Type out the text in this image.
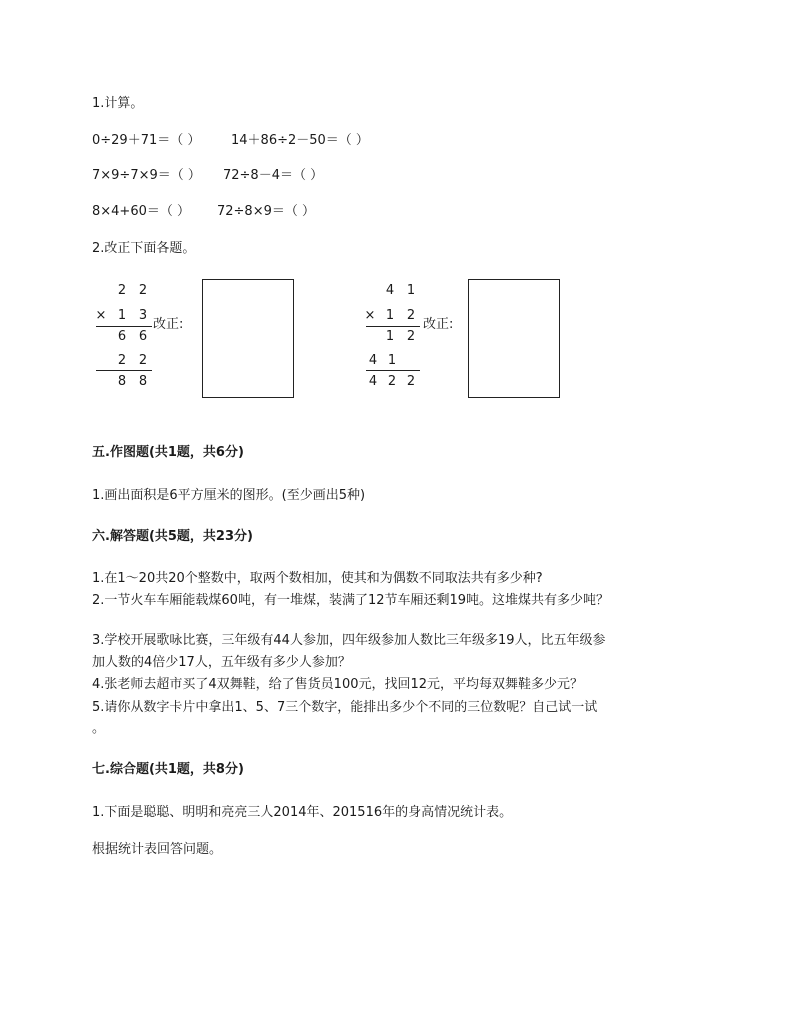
1.计算。
0÷29＋71＝（ ） 14＋86÷2－50＝（ ）
7×9÷7×9＝（ ） 72÷8－4＝（ ）
8×4+60＝（ ） 72÷8×9＝（ ）
2.改正下面各题。
2 2
× 1 3
6 6
2 2
8 8
改正:
4 1
× 1 2
1 2
4 1
4 2 2
改正:
五.作图题(共1题，共6分)
1.画出面积是6平方厘米的图形。(至少画出5种)
六.解答题(共5题，共23分)
1.在1～20共20个整数中，取两个数相加，使其和为偶数不同取法共有多少种?
2.一节火车车厢能载煤60吨，有一堆煤，装满了12节车厢还剩19吨。这堆煤共有多少吨？
3.学校开展歌咏比赛，三年级有44人参加，四年级参加人数比三年级多19人，比五年级参
加人数的4倍少17人，五年级有多少人参加？
4.张老师去超市买了4双舞鞋，给了售货员100元，找回12元，平均每双舞鞋多少元？
5.请你从数字卡片中拿出1、5、7三个数字，能排出多少个不同的三位数呢？自己试一试
。
七.综合题(共1题，共8分)
1.下面是聪聪、明明和亮亮三人2014年、201516年的身高情况统计表。
根据统计表回答问题。
